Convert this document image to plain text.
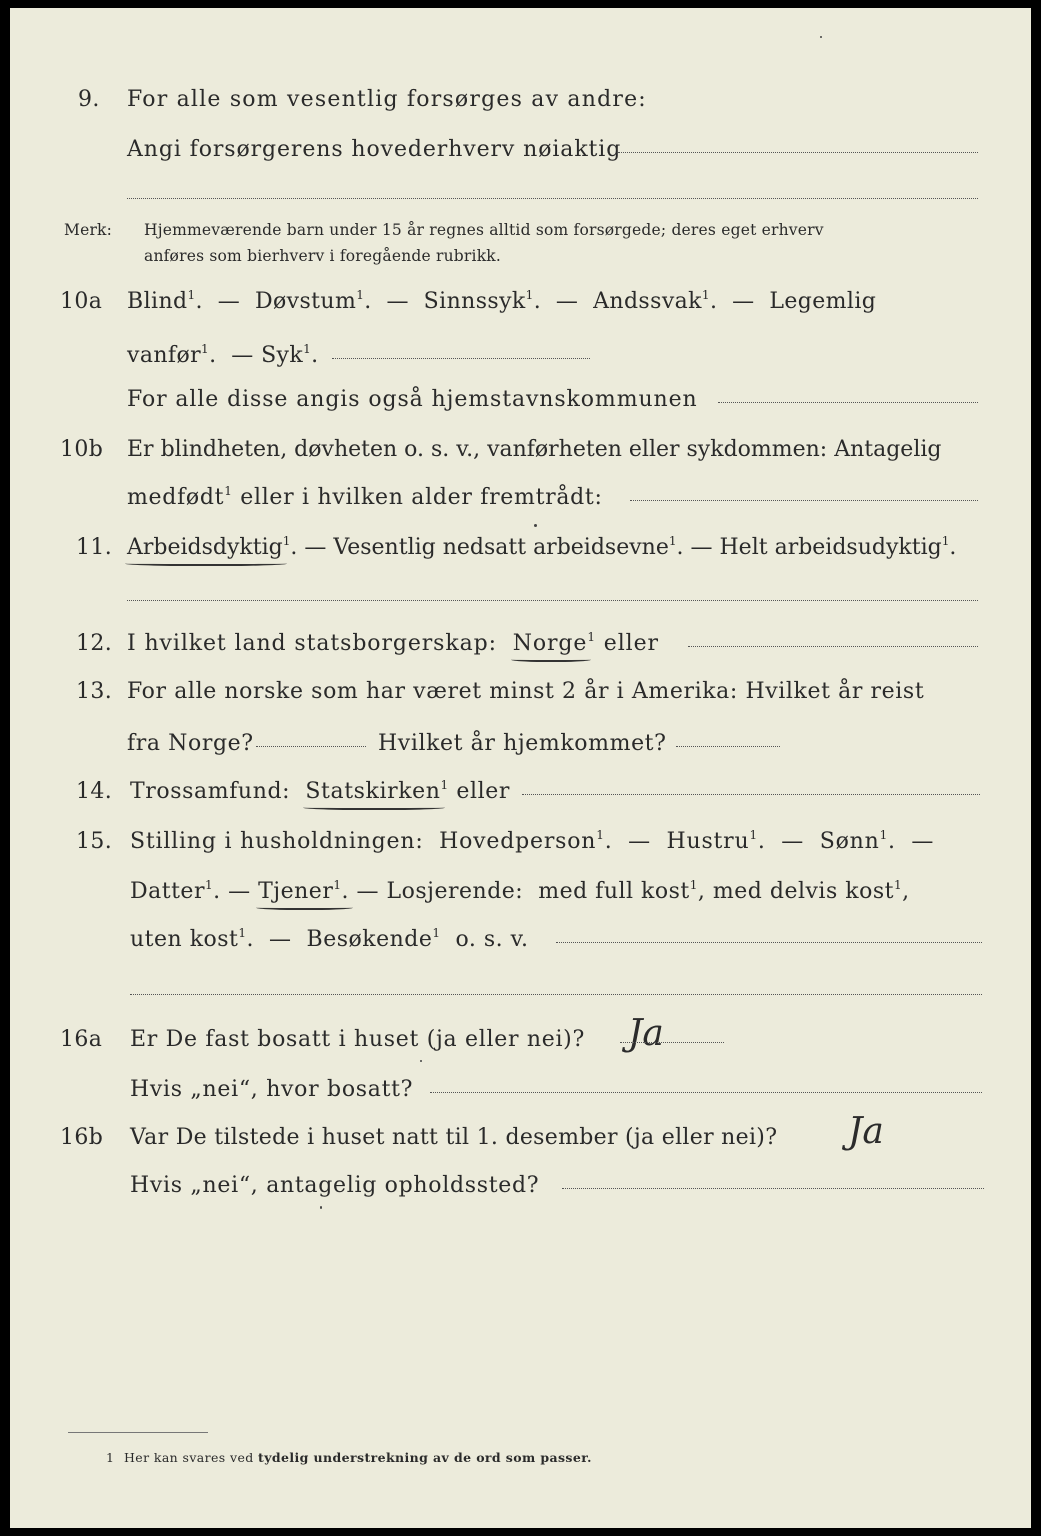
9. For alle som vesentlig forsørges av andre:
Angi forsørgerens hovederhverv nøiaktig
Merk: Hjemmeværende barn under 15 år regnes alltid som forsørgede; deres eget erhverv
anføres som bierhverv i foregående rubrikk.
10a Blind$^1$.  — Døvstum$^1$.  — Sinnssyk$^1$.  — Andssvak$^1$.  — Legemlig
vanfør$^1$.  — Syk$^1$.
For alle disse angis også hjemstavnskommunen
10b Er blindheten, døvheten o. s. v., vanførheten eller sykdommen: Antagelig
medfødt$^1$ eller i hvilken alder fremtrådt:
11. Arbeidsdyktig$^1$. — Vesentlig nedsatt arbeidsevne$^1$. — Helt arbeidsudyktig$^1$.
12. I hvilket land statsborgerskap: Norge$^1$ eller
13. For alle norske som har været minst 2 år i Amerika: Hvilket år reist
fra Norge?	Hvilket år hjemkommet?
14. Trossamfund: Statskirken$^1$ eller
15. Stilling i husholdningen: Hovedperson$^1$.  — Hustru$^1$.  — Sønn$^1$.  —
Datter$^1$. — Tjener$^1$. — Losjerende: med full kost$^1$, med delvis kost$^1$,
uten kost$^1$.  — Besøkende$^1$ o. s. v.
16a Er De fast bosatt i huset (ja eller nei)? Ja
Hvis „nei“, hvor bosatt?
16b Var De tilstede i huset natt til 1. desember (ja eller nei)? Ja
Hvis „nei“, antagelig opholdssted?
1 Her kan svares ved tydelig understrekning av de ord som passer.
